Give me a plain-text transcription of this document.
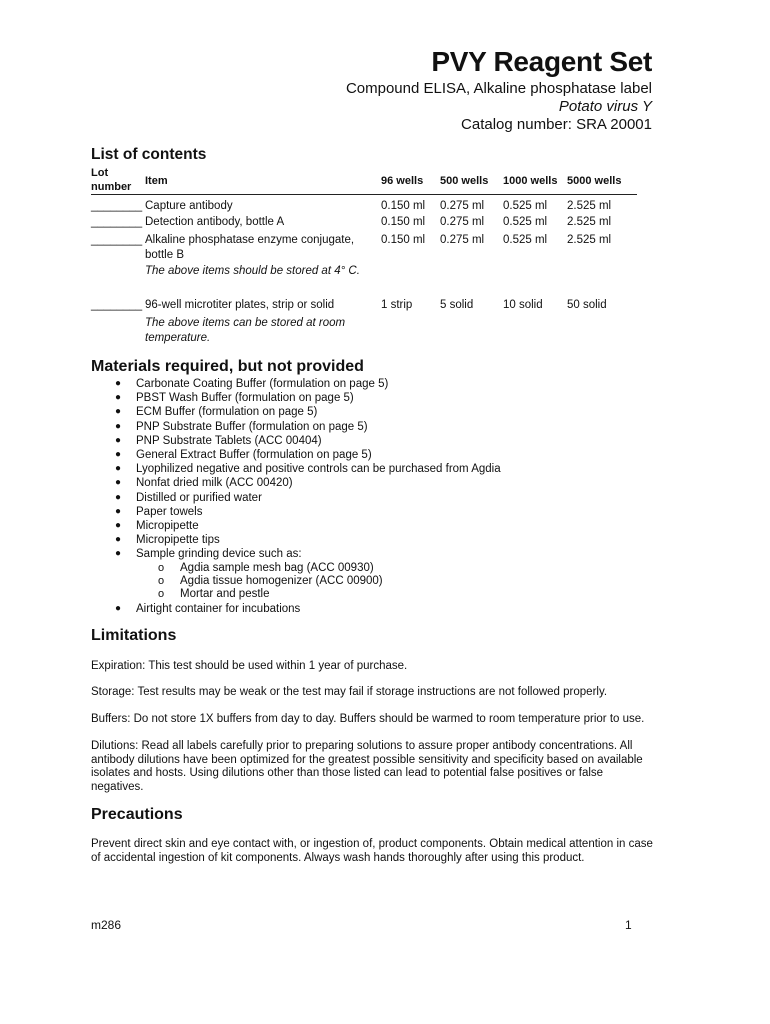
PVY Reagent Set
Compound ELISA, Alkaline phosphatase label
Potato virus Y
Catalog number: SRA 20001
List of contents
Lot
number Item	96 wells 500 wells 1000 wells 5000 wells
________ Capture antibody	0.150 ml 0.275 ml 0.525 ml 2.525 ml
________ Detection antibody, bottle A	0.150 ml 0.275 ml 0.525 ml 2.525 ml
________ Alkaline phosphatase enzyme conjugate, bottle B
0.150 ml 0.275 ml 0.525 ml 2.525 ml
The above items should be stored at 4° C.
________ 96-well microtiter plates, strip or solid	1 strip 5 solid	10 solid 50 solid
The above items can be stored at room temperature.
Materials required, but not provided
● Carbonate Coating Buffer (formulation on page 5)
● PBST Wash Buffer (formulation on page 5)
● ECM Buffer (formulation on page 5)
● PNP Substrate Buffer (formulation on page 5)
● PNP Substrate Tablets (ACC 00404)
● General Extract Buffer (formulation on page 5)
● Lyophilized negative and positive controls can be purchased from Agdia
● Nonfat dried milk (ACC 00420)
● Distilled or purified water
● Paper towels
● Micropipette
● Micropipette tips
● Sample grinding device such as:
o Agdia sample mesh bag (ACC 00930)
o Agdia tissue homogenizer (ACC 00900)
o Mortar and pestle
● Airtight container for incubations
Limitations
Expiration: This test should be used within 1 year of purchase.
Storage: Test results may be weak or the test may fail if storage instructions are not followed properly.
Buffers: Do not store 1X buffers from day to day. Buffers should be warmed to room temperature prior to use.
Dilutions: Read all labels carefully prior to preparing solutions to assure proper antibody concentrations. All antibody dilutions have been optimized for the greatest possible sensitivity and specificity based on available isolates and hosts. Using dilutions other than those listed can lead to potential false positives or false negatives.
Precautions
Prevent direct skin and eye contact with, or ingestion of, product components. Obtain medical attention in case of accidental ingestion of kit components. Always wash hands thoroughly after using this product.
m286	1
